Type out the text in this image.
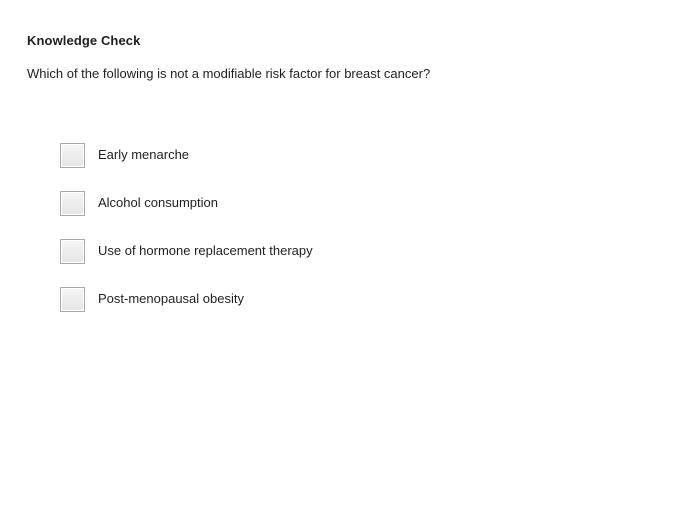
Knowledge Check
Which of the following is not a modifiable risk factor for breast cancer?
Early menarche
Alcohol consumption
Use of hormone replacement therapy
Post-menopausal obesity
